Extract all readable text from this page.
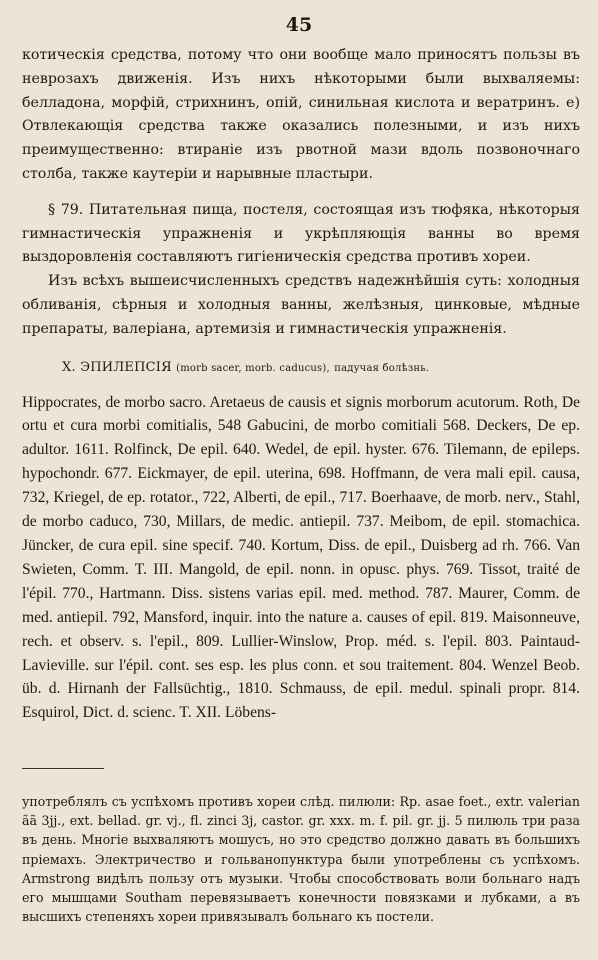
45

котическія средства, потому что они вообще мало приносятъ пользы въ неврозахъ движенія. Изъ нихъ нѣкоторыми были выхваляемы: белладона, морфій, стрихнинъ, опій, синильная кислота и вератринъ. е) Отвлекающія средства также оказались полезными, и изъ нихъ преимущественно: втираніе изъ рвотной мази вдоль позвоночнаго столба, также каутеріи и нарывные пластыри.

§ 79. Питательная пища, постеля, состоящая изъ тюфяка, нѣкоторыя гимнастическія упражненія и укрѣпляющія ванны во время выздоровленія составляютъ гигіеническія средства противъ хореи.

Изъ всѣхъ вышеисчисленныхъ средствъ надежнѣйшія суть: холодныя обливанія, сѣрныя и холодныя ванны, желѣзныя, цинковые, мѣдные препараты, валеріана, артемизія и гимнастическія упражненія.

X. ЭПИЛЕПСІЯ (morb sacer, morb. caducus), падучая болѣзнь.

Hippocrates, de morbo sacro. Aretaeus de causis et signis morborum acutorum. Roth, De ortu et cura morbi comitialis, 548 Gabucini, de morbo comitiali 568. Deckers, De ep. adultor. 1611. Rolfinck, De epil. 640. Wedel, de epil. hyster. 676. Tilemann, de epileps. hypochondr. 677. Eickmayer, de epil. uterina, 698. Hoffmann, de vera mali epil. causa, 732, Kriegel, de ep. rotator., 722, Alberti, de epil., 717. Boerhaave, de morb. nerv., Stahl, de morbo caduco, 730, Millars, de medic. antiepil. 737. Meibom, de epil. stomachica. Jüncker, de cura epil. sine specif. 740. Kortum, Diss. de epil., Duisberg ad rh. 766. Van Swieten, Comm. T. III. Mangold, de epil. nonn. in opusc. phys. 769. Tissot, traité de l'épil. 770., Hartmann. Diss. sistens varias epil. med. method. 787. Maurer, Comm. de med. antiepil. 792, Mansford, inquir. into the nature a. causes of epil. 819. Maisonneuve, rech. et observ. s. l'epil., 809. Lullier-Winslow, Prop. méd. s. l'epil. 803. Paintaud-Lavieville. sur l'épil. cont. ses esp. les plus conn. et sou traitement. 804. Wenzel Beob. üb. d. Hirnanh der Fallsüchtig., 1810. Schmauss, de epil. medul. spinali propr. 814. Esquirol, Dict. d. scienc. T. XII. Löbens-

употреблялъ съ успѣхомъ противъ хореи слѣд. пилюли: Rp. asae foet., extr. valerian ãã 3jj., ext. bellad. gr. vj., fl. zinci 3j, castor. gr. xxx. m. f. pil. gr. jj. 5 пилюль три раза въ день. Многіе выхваляютъ мошусъ, но это средство должно давать въ большихъ пріемахъ. Электричество и гольванопунктура были употреблены съ успѣхомъ. Armstrong видѣлъ пользу отъ музыки. Чтобы способствовать воли больнаго надъ его мышцами Southam перевязываетъ конечности повязками и лубками, а въ высшихъ степеняхъ хореи привязывалъ больнаго къ постели.
